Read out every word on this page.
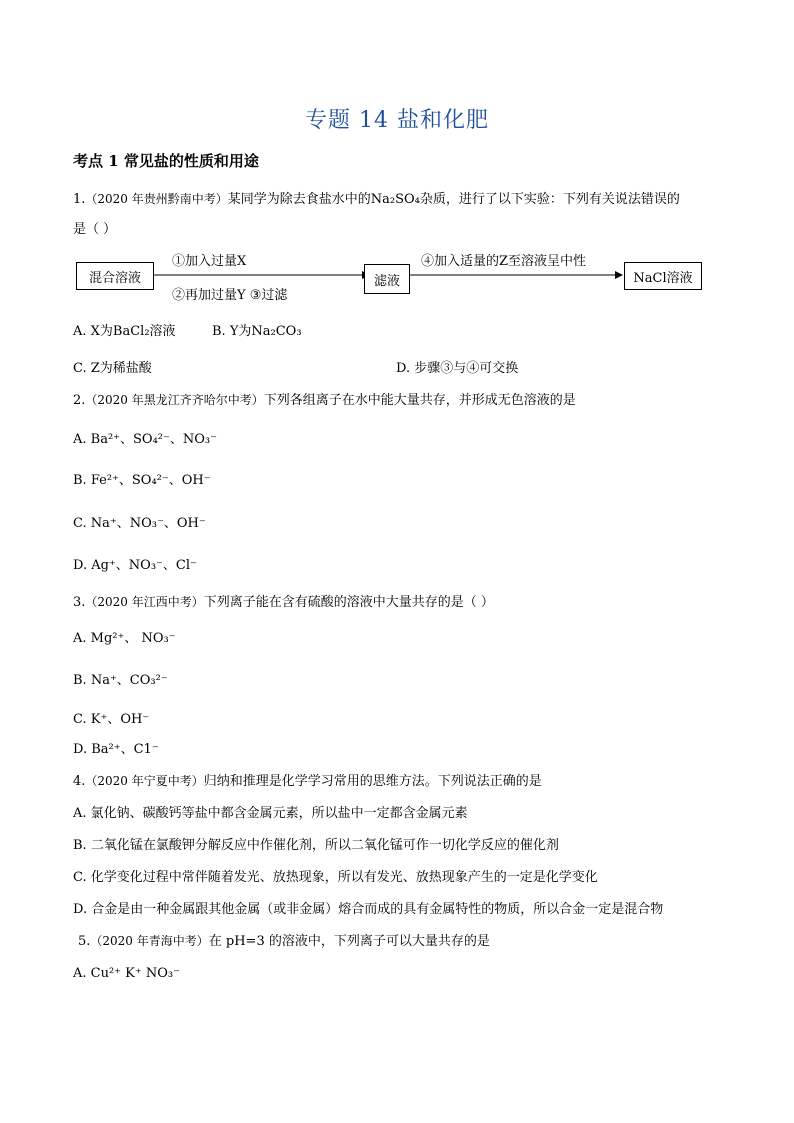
专题 14 盐和化肥
考点 1 常见盐的性质和用途
1.（2020 年贵州黔南中考）某同学为除去食盐水中的Na₂SO₄杂质，进行了以下实验：下列有关说法错误的
是（ ）
混合溶液
①加入过量X
②再加过量Y ③过滤
滤液
④加入适量的Z至溶液呈中性
NaCl溶液
A. X为BaCl₂溶液	B. Y为Na₂CO₃
C. Z为稀盐酸	D. 步骤③与④可交换
2.（2020 年黑龙江齐齐哈尔中考）下列各组离子在水中能大量共存，并形成无色溶液的是
A. Ba²⁺、SO₄²⁻、NO₃⁻
B. Fe²⁺、SO₄²⁻、OH⁻
C. Na⁺、NO₃⁻、OH⁻
D. Ag⁺、NO₃⁻、Cl⁻
3.（2020 年江西中考）下列离子能在含有硫酸的溶液中大量共存的是（ ）
A. Mg²⁺、 NO₃⁻
B. Na⁺、CO₃²⁻
C. K⁺、OH⁻
D. Ba²⁺、C1⁻
4.（2020 年宁夏中考）归纳和推理是化学学习常用的思维方法。下列说法正确的是
A. 氯化钠、碳酸钙等盐中都含金属元素，所以盐中一定都含金属元素
B. 二氧化锰在氯酸钾分解反应中作催化剂，所以二氧化锰可作一切化学反应的催化剂
C. 化学变化过程中常伴随着发光、放热现象，所以有发光、放热现象产生的一定是化学变化
D. 合金是由一种金属跟其他金属（或非金属）熔合而成的具有金属特性的物质，所以合金一定是混合物
5.（2020 年青海中考）在 pH=3 的溶液中，下列离子可以大量共存的是
A. Cu²⁺ K⁺ NO₃⁻
